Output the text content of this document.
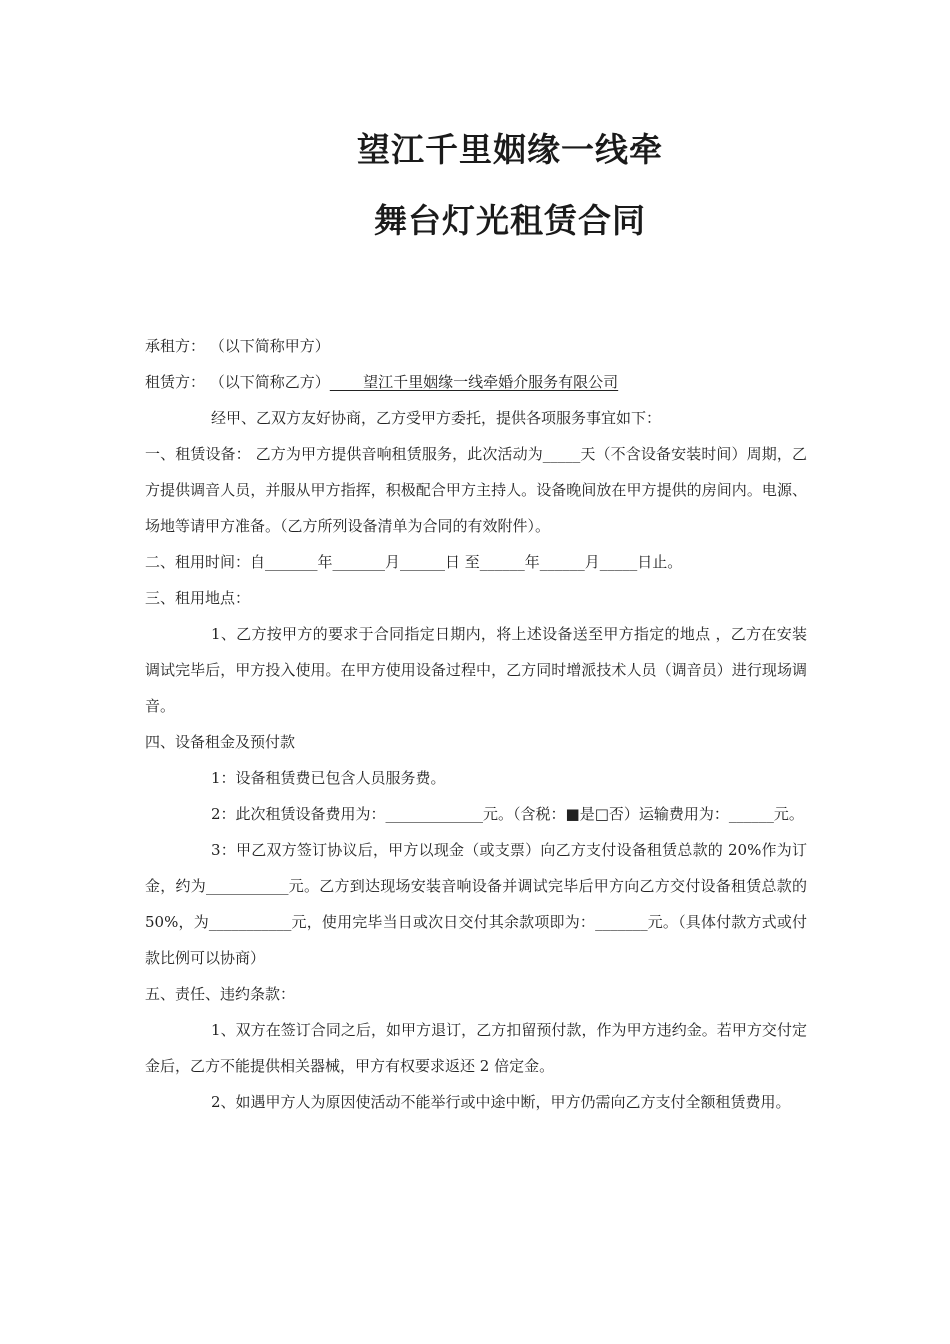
望江千里姻缘一线牵
舞台灯光租赁合同

承租方： （以下简称甲方）

租赁方： （以下简称乙方）       望江千里姻缘一线牵婚介服务有限公司

经甲、乙双方友好协商，乙方受甲方委托，提供各项服务事宜如下：

一、租赁设备： 乙方为甲方提供音响租赁服务，此次活动为_____天（不含设备安装时间）周期，乙方提供调音人员，并服从甲方指挥，积极配合甲方主持人。设备晚间放在甲方提供的房间内。电源、场地等请甲方准备。（乙方所列设备清单为合同的有效附件）。

二、租用时间：自_______年_______月______日 至______年______月_____日止。

三、租用地点：

1、乙方按甲方的要求于合同指定日期内，将上述设备送至甲方指定的地点 ，乙方在安装调试完毕后，甲方投入使用。在甲方使用设备过程中，乙方同时增派技术人员（调音员）进行现场调音。

四、设备租金及预付款

1：设备租赁费已包含人员服务费。

2：此次租赁设备费用为：_____________元。（含税：■是□否）运输费用为：______元。

3：甲乙双方签订协议后，甲方以现金（或支票）向乙方支付设备租赁总款的 20%作为订金，约为___________元。乙方到达现场安装音响设备并调试完毕后甲方向乙方交付设备租赁总款的 50%，为___________元，使用完毕当日或次日交付其余款项即为：_______元。（具体付款方式或付款比例可以协商）

五、责任、违约条款：

1、双方在签订合同之后，如甲方退订，乙方扣留预付款，作为甲方违约金。若甲方交付定金后，乙方不能提供相关器械，甲方有权要求返还 2 倍定金。

2、如遇甲方人为原因使活动不能举行或中途中断，甲方仍需向乙方支付全额租赁费用。
